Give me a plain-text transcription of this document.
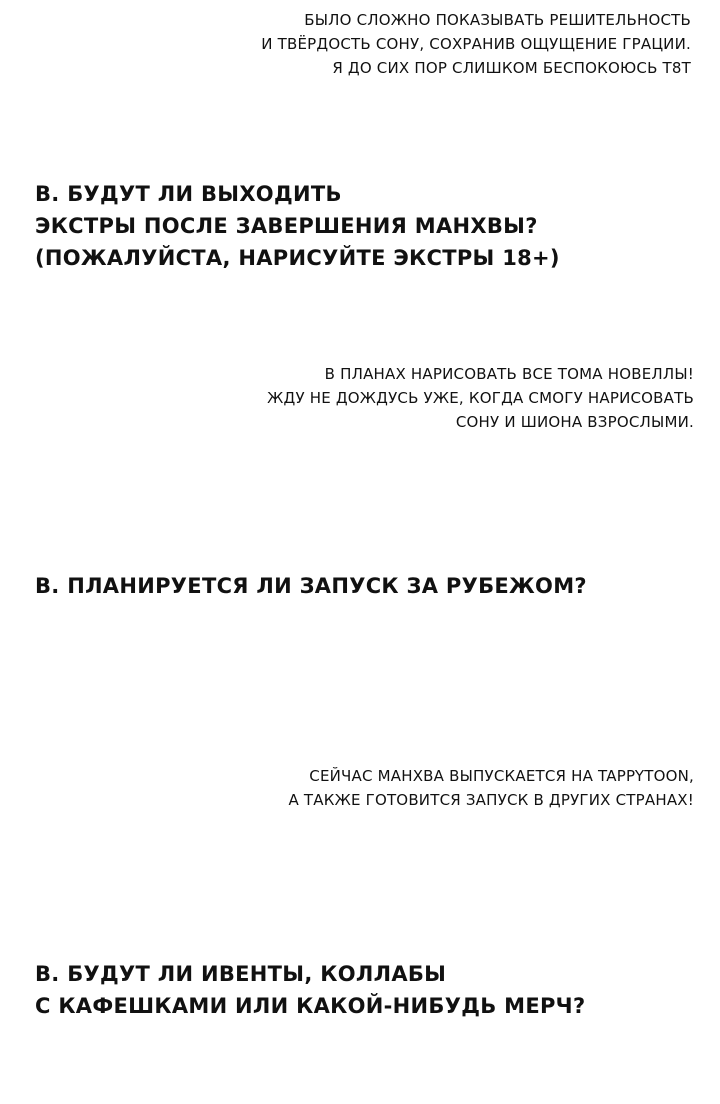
БЫЛО СЛОЖНО ПОКАЗЫВАТЬ РЕШИТЕЛЬНОСТЬ
И ТВЁРДОСТЬ СОНУ, СОХРАНИВ ОЩУЩЕНИЕ ГРАЦИИ.
Я ДО СИХ ПОР СЛИШКОМ БЕСПОКОЮСЬ Т8Т
В. БУДУТ ЛИ ВЫХОДИТЬ
ЭКСТРЫ ПОСЛЕ ЗАВЕРШЕНИЯ МАНХВЫ?
(ПОЖАЛУЙСТА, НАРИСУЙТЕ ЭКСТРЫ 18+)
В ПЛАНАХ НАРИСОВАТЬ ВСЕ ТОМА НОВЕЛЛЫ!
ЖДУ НЕ ДОЖДУСЬ УЖЕ, КОГДА СМОГУ НАРИСОВАТЬ
СОНУ И ШИОНА ВЗРОСЛЫМИ.
В. ПЛАНИРУЕТСЯ ЛИ ЗАПУСК ЗА РУБЕЖОМ?
СЕЙЧАС МАНХВА ВЫПУСКАЕТСЯ НА TAPPYTOON,
А ТАКЖЕ ГОТОВИТСЯ ЗАПУСК В ДРУГИХ СТРАНАХ!
В. БУДУТ ЛИ ИВЕНТЫ, КОЛЛАБЫ
С КАФЕШКАМИ ИЛИ КАКОЙ-НИБУДЬ МЕРЧ?
